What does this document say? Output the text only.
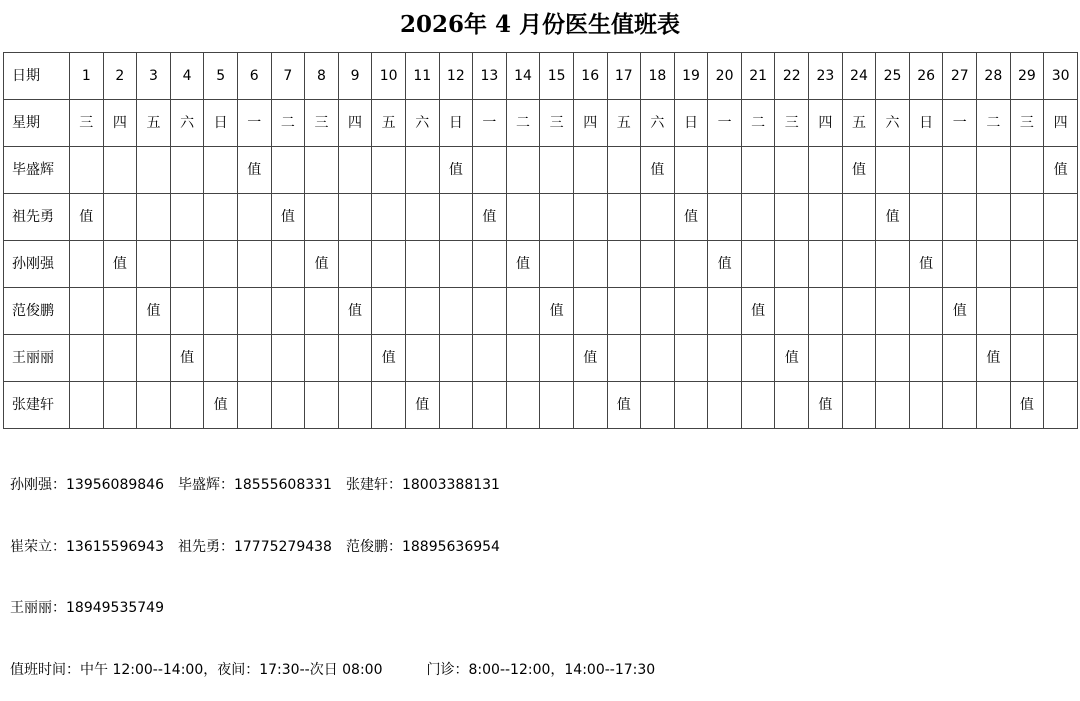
2026年 4 月份医生值班表
日期	1	2	3	4	5	6	7	8	9	10	11	12	13	14	15	16	17	18	19	20	21	22	23	24	25	26	27	28	29	30
星期	三	四	五	六	日	一	二	三	四	五	六	日	一	二	三	四	五	六	日	一	二	三	四	五	六	日	一	二	三	四
毕盛辉						值						值						值						值						值
祖先勇	值						值						值						值						值					
孙刚强		值						值						值						值						值				
范俊鹏			值						值						值						值						值			
王丽丽				值						值						值						值						值		
张建轩					值						值						值						值						值	

孙刚强：13956089846 毕盛辉：18555608331 张建轩：18003388131

崔荣立：13615596943 祖先勇：17775279438 范俊鹏：18895636954

王丽丽：18949535749

值班时间：中午 12:00--14:00，夜间：17:30--次日 08:00	门诊：8:00--12:00，14:00--17:30
